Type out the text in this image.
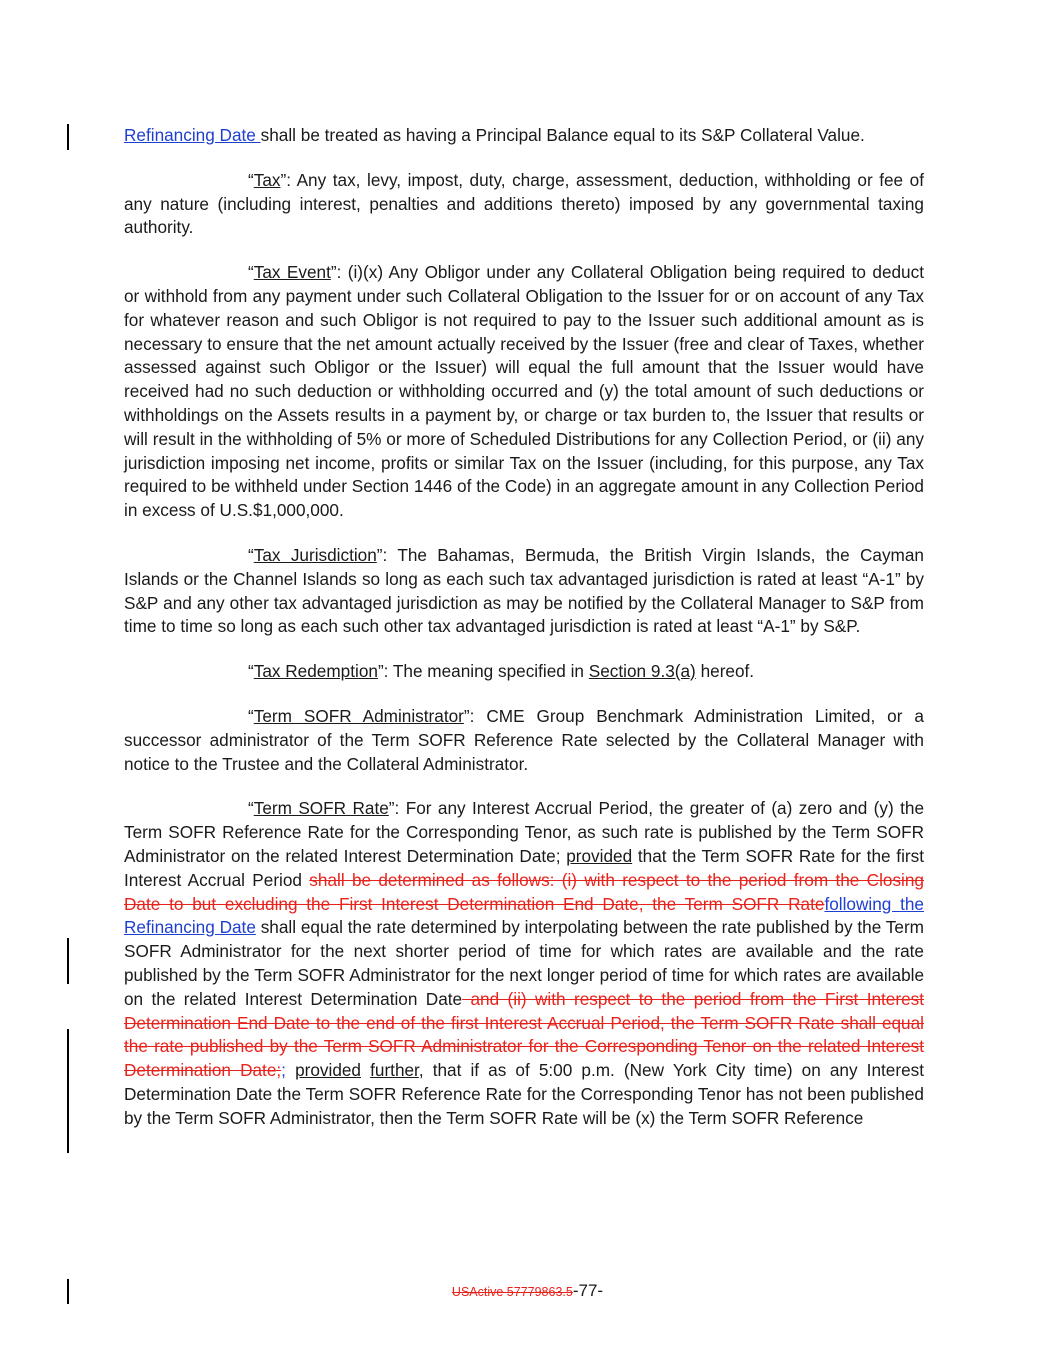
Refinancing Date shall be treated as having a Principal Balance equal to its S&P Collateral Value.

“Tax”: Any tax, levy, impost, duty, charge, assessment, deduction, withholding or fee of any nature (including interest, penalties and additions thereto) imposed by any governmental taxing authority.

“Tax Event”: (i)(x) Any Obligor under any Collateral Obligation being required to deduct or withhold from any payment under such Collateral Obligation to the Issuer for or on account of any Tax for whatever reason and such Obligor is not required to pay to the Issuer such additional amount as is necessary to ensure that the net amount actually received by the Issuer (free and clear of Taxes, whether assessed against such Obligor or the Issuer) will equal the full amount that the Issuer would have received had no such deduction or withholding occurred and (y) the total amount of such deductions or withholdings on the Assets results in a payment by, or charge or tax burden to, the Issuer that results or will result in the withholding of 5% or more of Scheduled Distributions for any Collection Period, or (ii) any jurisdiction imposing net income, profits or similar Tax on the Issuer (including, for this purpose, any Tax required to be withheld under Section 1446 of the Code) in an aggregate amount in any Collection Period in excess of U.S.$1,000,000.

“Tax Jurisdiction”: The Bahamas, Bermuda, the British Virgin Islands, the Cayman Islands or the Channel Islands so long as each such tax advantaged jurisdiction is rated at least “A-1” by S&P and any other tax advantaged jurisdiction as may be notified by the Collateral Manager to S&P from time to time so long as each such other tax advantaged jurisdiction is rated at least “A-1” by S&P.

“Tax Redemption”: The meaning specified in Section 9.3(a) hereof.

“Term SOFR Administrator”: CME Group Benchmark Administration Limited, or a successor administrator of the Term SOFR Reference Rate selected by the Collateral Manager with notice to the Trustee and the Collateral Administrator.

“Term SOFR Rate”: For any Interest Accrual Period, the greater of (a) zero and (y) the Term SOFR Reference Rate for the Corresponding Tenor, as such rate is published by the Term SOFR Administrator on the related Interest Determination Date; provided that the Term SOFR Rate for the first Interest Accrual Period shall be determined as follows: (i) with respect to the period from the Closing Date to but excluding the First Interest Determination End Date, the Term SOFR Ratefollowing the Refinancing Date shall equal the rate determined by interpolating between the rate published by the Term SOFR Administrator for the next shorter period of time for which rates are available and the rate published by the Term SOFR Administrator for the next longer period of time for which rates are available on the related Interest Determination Date and (ii) with respect to the period from the First Interest Determination End Date to the end of the first Interest Accrual Period, the Term SOFR Rate shall equal the rate published by the Term SOFR Administrator for the Corresponding Tenor on the related Interest Determination Date;; provided further, that if as of 5:00 p.m. (New York City time) on any Interest Determination Date the Term SOFR Reference Rate for the Corresponding Tenor has not been published by the Term SOFR Administrator, then the Term SOFR Rate will be (x) the Term SOFR Reference

USActive 57779863.5-77-
